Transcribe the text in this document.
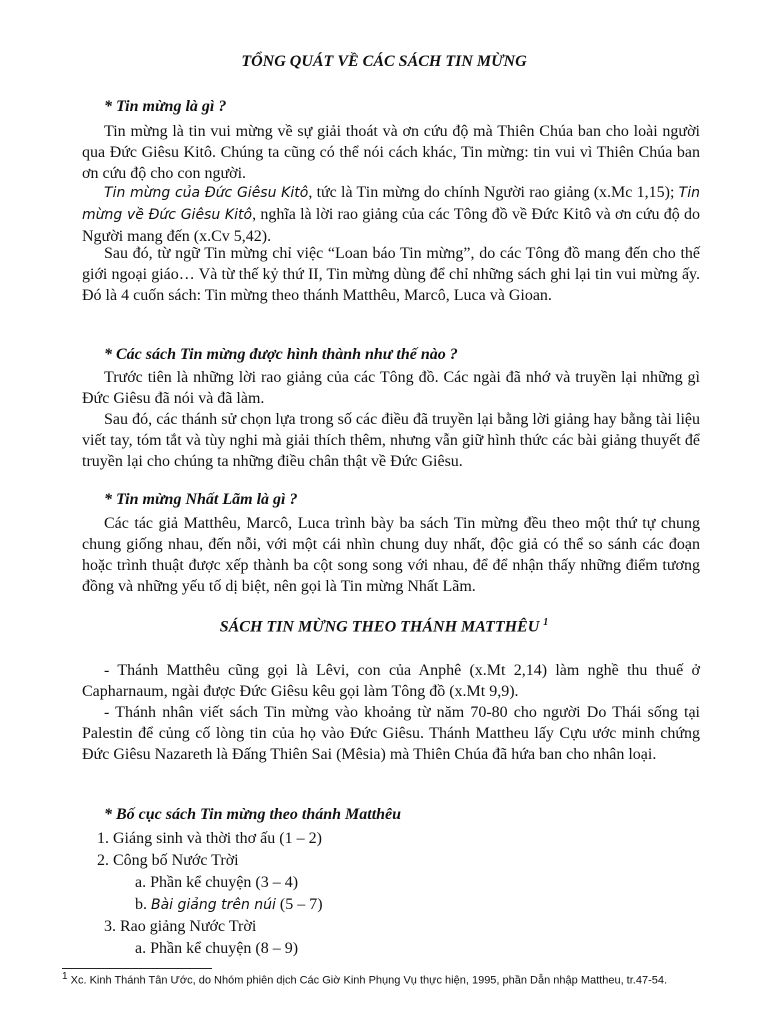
TỔNG QUÁT VỀ CÁC SÁCH TIN MỪNG
* Tin mừng là gì ?
Tin mừng là tin vui mừng về sự giải thoát và ơn cứu độ mà Thiên Chúa ban cho loài người qua Đức Giêsu Kitô. Chúng ta cũng có thể nói cách khác, Tin mừng: tin vui vì Thiên Chúa ban ơn cứu độ cho con người.
Tin mừng của Đức Giêsu Kitô, tức là Tin mừng do chính Người rao giảng (x.Mc 1,15); Tin mừng về Đức Giêsu Kitô, nghĩa là lời rao giảng của các Tông đồ về Đức Kitô và ơn cứu độ do Người mang đến (x.Cv 5,42).
Sau đó, từ ngữ Tin mừng chỉ việc “Loan báo Tin mừng”, do các Tông đồ mang đến cho thế giới ngoại giáo… Và từ thế kỷ thứ II, Tin mừng dùng để chỉ những sách ghi lại tin vui mừng ấy. Đó là 4 cuốn sách: Tin mừng theo thánh Matthêu, Marcô, Luca và Gioan.
* Các sách Tin mừng được hình thành như thế nào ?
Trước tiên là những lời rao giảng của các Tông đồ. Các ngài đã nhớ và truyền lại những gì Đức Giêsu đã nói và đã làm.
Sau đó, các thánh sử chọn lựa trong số các điều đã truyền lại bằng lời giảng hay bằng tài liệu viết tay, tóm tắt và tùy nghi mà giải thích thêm, nhưng vẫn giữ hình thức các bài giảng thuyết để truyền lại cho chúng ta những điều chân thật về Đức Giêsu.
* Tin mừng Nhất Lãm là gì ?
Các tác giả Matthêu, Marcô, Luca trình bày ba sách Tin mừng đều theo một thứ tự chung chung giống nhau, đến nỗi, với một cái nhìn chung duy nhất, độc giả có thể so sánh các đoạn hoặc trình thuật được xếp thành ba cột song song với nhau, để để nhận thấy những điểm tương đồng và những yếu tố dị biệt, nên gọi là Tin mừng Nhất Lãm.
SÁCH TIN MỪNG THEO THÁNH MATTHÊU $^1$
- Thánh Matthêu cũng gọi là Lêvi, con của Anphê (x.Mt 2,14) làm nghề thu thuế ở Capharnaum, ngài được Đức Giêsu kêu gọi làm Tông đồ (x.Mt 9,9).
- Thánh nhân viết sách Tin mừng vào khoảng từ năm 70-80 cho người Do Thái sống tại Palestin để củng cố lòng tin của họ vào Đức Giêsu. Thánh Mattheu lấy Cựu ước minh chứng Đức Giêsu Nazareth là Đấng Thiên Sai (Mêsia) mà Thiên Chúa đã hứa ban cho nhân loại.
* Bố cục sách Tin mừng theo thánh Matthêu
1. Giáng sinh và thời thơ ấu (1 – 2)
2. Công bố Nước Trời
a. Phần kể chuyện (3 – 4)
b. Bài giảng trên núi (5 – 7)
3. Rao giảng Nước Trời
a. Phần kể chuyện (8 – 9)
1 Xc. Kinh Thánh Tân Ước, do Nhóm phiên dịch Các Giờ Kinh Phụng Vụ thực hiện, 1995, phần Dẫn nhập Mattheu, tr.47-54.
